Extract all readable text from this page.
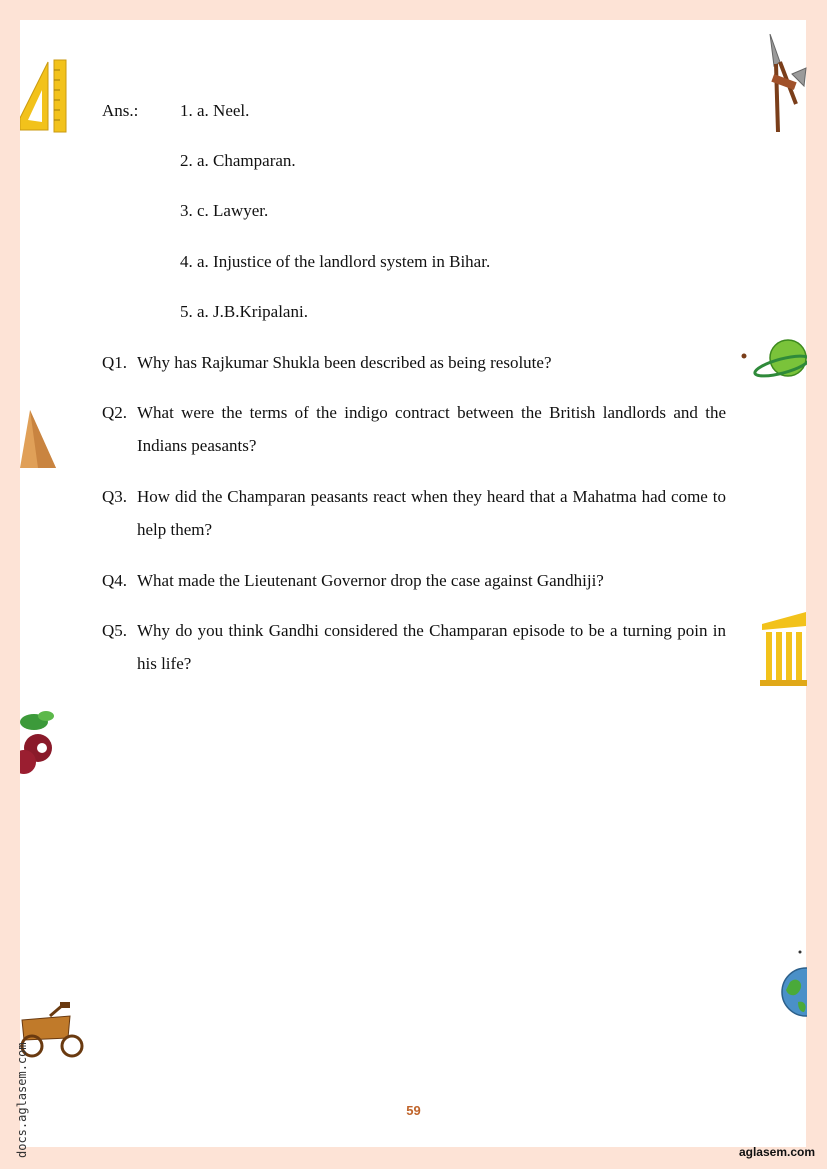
Ans.: 1. a. Neel.
2. a. Champaran.
3. c. Lawyer.
4. a. Injustice of the landlord system in Bihar.
5. a. J.B.Kripalani.
Q1. Why has Rajkumar Shukla been described as being resolute?
Q2. What were the terms of the indigo contract between the British landlords and the Indians peasants?
Q3. How did the Champaran peasants react when they heard that a Mahatma had come to help them?
Q4. What made the Lieutenant Governor drop the case against Gandhiji?
Q5. Why do you think Gandhi considered the Champaran episode to be a turning poin in his life?
59
docs.aglasem.com	aglasem.com
